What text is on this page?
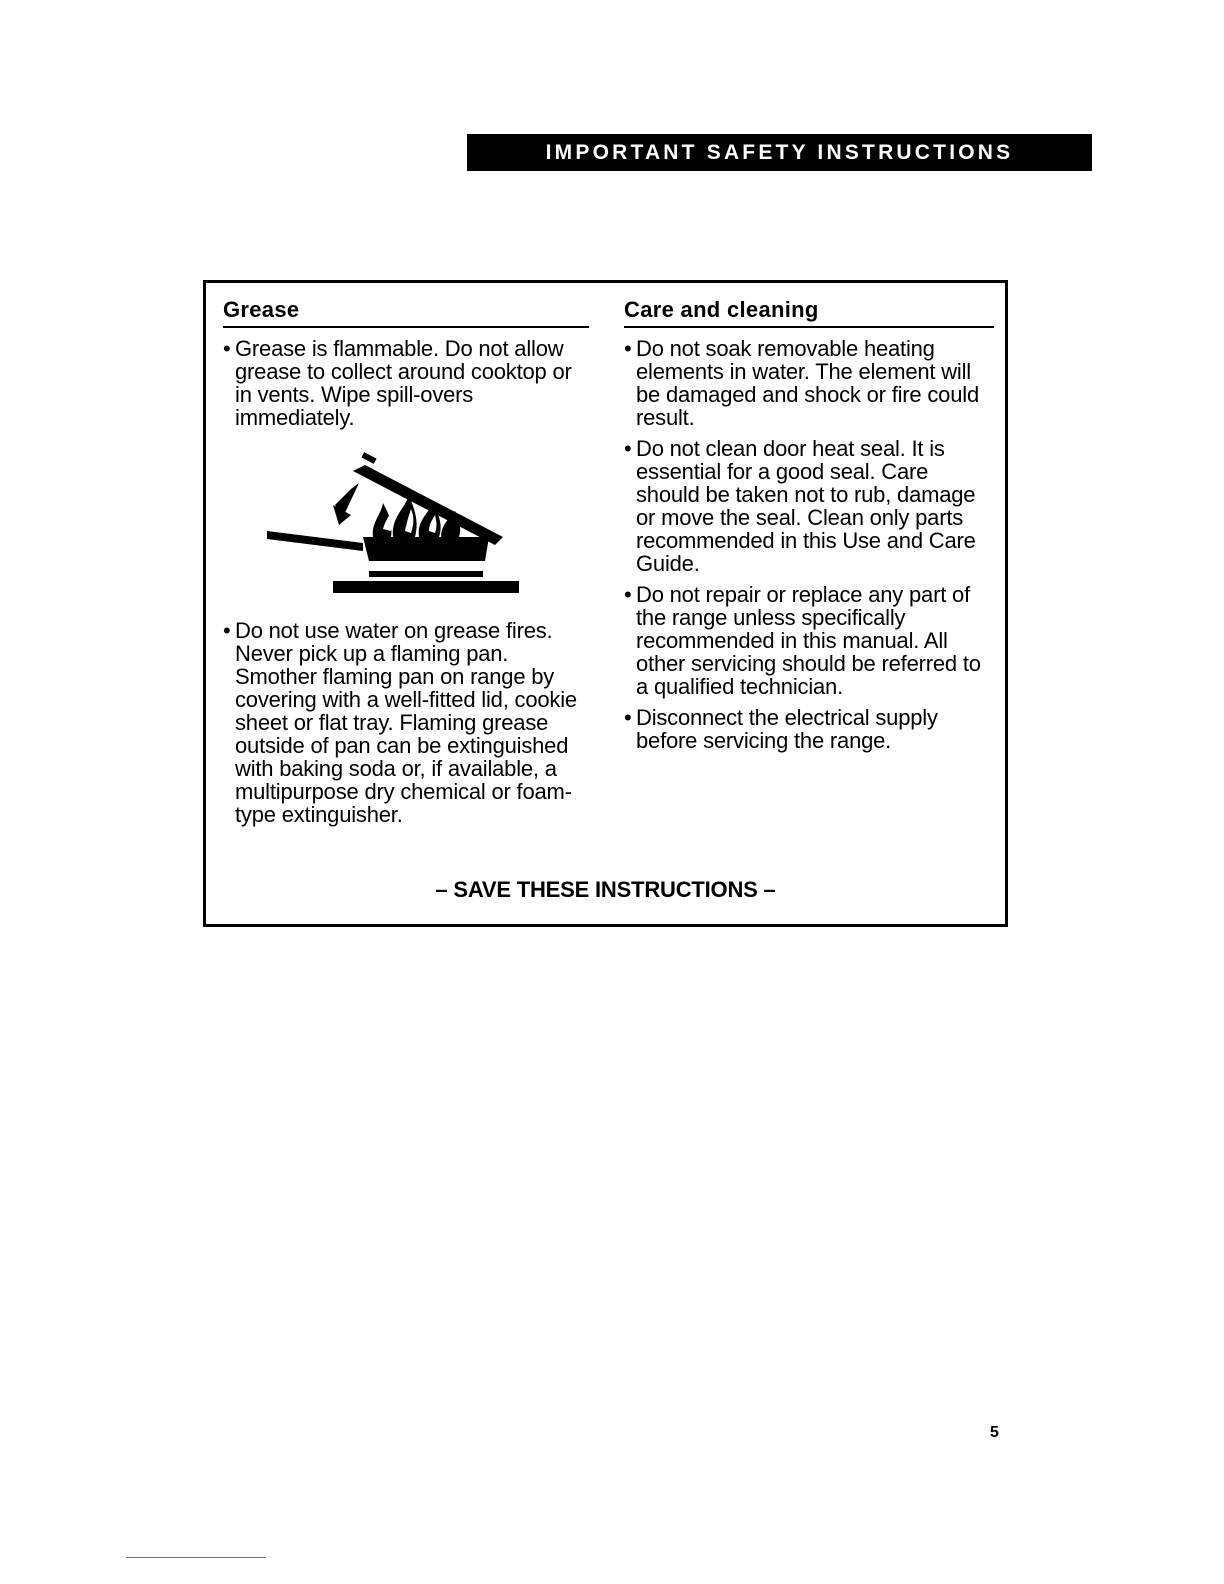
IMPORTANT SAFETY INSTRUCTIONS
Grease
• Grease is flammable. Do not allow grease to collect around cooktop or in vents. Wipe spill-overs immediately.
• Do not use water on grease fires. Never pick up a flaming pan. Smother flaming pan on range by covering with a well-fitted lid, cookie sheet or flat tray. Flaming grease outside of pan can be extinguished with baking soda or, if available, a multipurpose dry chemical or foam-type extinguisher.
Care and cleaning
• Do not soak removable heating elements in water. The element will be damaged and shock or fire could result.
• Do not clean door heat seal. It is essential for a good seal. Care should be taken not to rub, damage or move the seal. Clean only parts recommended in this Use and Care Guide.
• Do not repair or replace any part of the range unless specifically recommended in this manual. All other servicing should be referred to a qualified technician.
• Disconnect the electrical supply before servicing the range.
– SAVE THESE INSTRUCTIONS –
5
